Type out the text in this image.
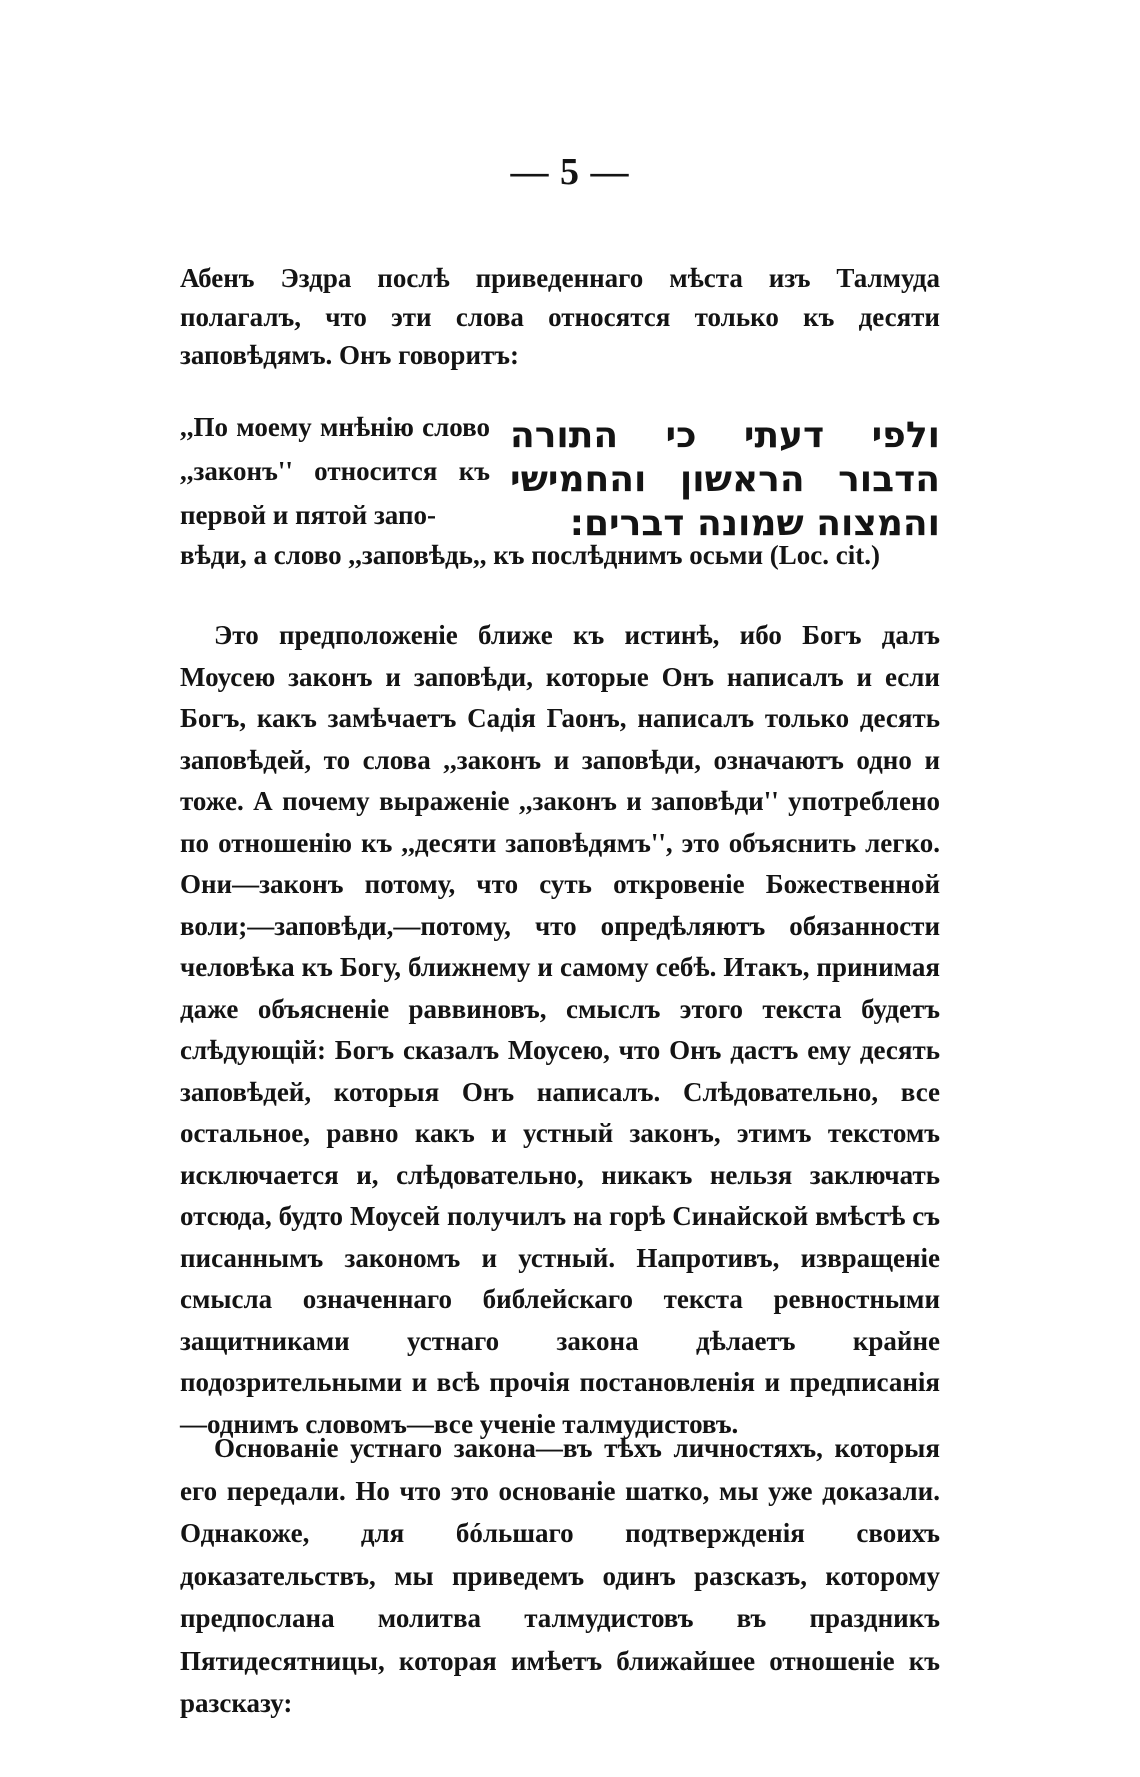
— 5 —

Абенъ Эздра послѣ приведеннаго мѣста изъ Талмуда полагалъ, что эти слова относятся только къ десяти заповѣдямъ. Онъ говоритъ:

,,По моему мнѣнію слово ,,законъ'' относится къ первой и пятой запо-

ולפי דעתי כי התורה הדבור הראשון והחמישי והמצוה שמונה דברים:

вѣди, а слово ,,заповѣдь,, къ послѣднимъ осьми (Loc. cit.)

Это предположеніе ближе къ истинѣ, ибо Богъ далъ Моусею законъ и заповѣди, которые Онъ написалъ и если Богъ, какъ замѣчаетъ Садія Гаонъ, написалъ только десять заповѣдей, то слова ,,законъ и заповѣди, означаютъ одно и тоже. А почему выраженіе ,,законъ и заповѣди'' употреблено по отношенію къ ,,десяти заповѣдямъ'', это объяснить легко. Они—законъ потому, что суть откровеніе Божественной воли;—заповѣди,—потому, что опредѣляютъ обязанности человѣка къ Богу, ближнему и самому себѣ. Итакъ, принимая даже объясненіе раввиновъ, смыслъ этого текста будетъ слѣдующій: Богъ сказалъ Моусею, что Онъ дастъ ему десять заповѣдей, которыя Онъ написалъ. Слѣдовательно, все остальное, равно какъ и устный законъ, этимъ текстомъ исключается и, слѣдовательно, никакъ нельзя заключать отсюда, будто Моусей получилъ на горѣ Синайской вмѣстѣ съ писаннымъ закономъ и устный. Напротивъ, извращеніе смысла означеннаго библейскаго текста ревностными защитниками устнаго закона дѣлаетъ крайне подозрительными и всѣ прочія постановленія и предписанія—однимъ словомъ—все ученіе талмудистовъ.

Основаніе устнаго закона—въ тѣхъ личностяхъ, которыя его передали. Но что это основаніе шатко, мы уже доказали. Однакоже, для бóльшаго подтвержденія своихъ доказательствъ, мы приведемъ одинъ разсказъ, которому предпослана молитва талмудистовъ въ праздникъ Пятидесятницы, которая имѣетъ ближайшее отношеніе къ разсказу:
